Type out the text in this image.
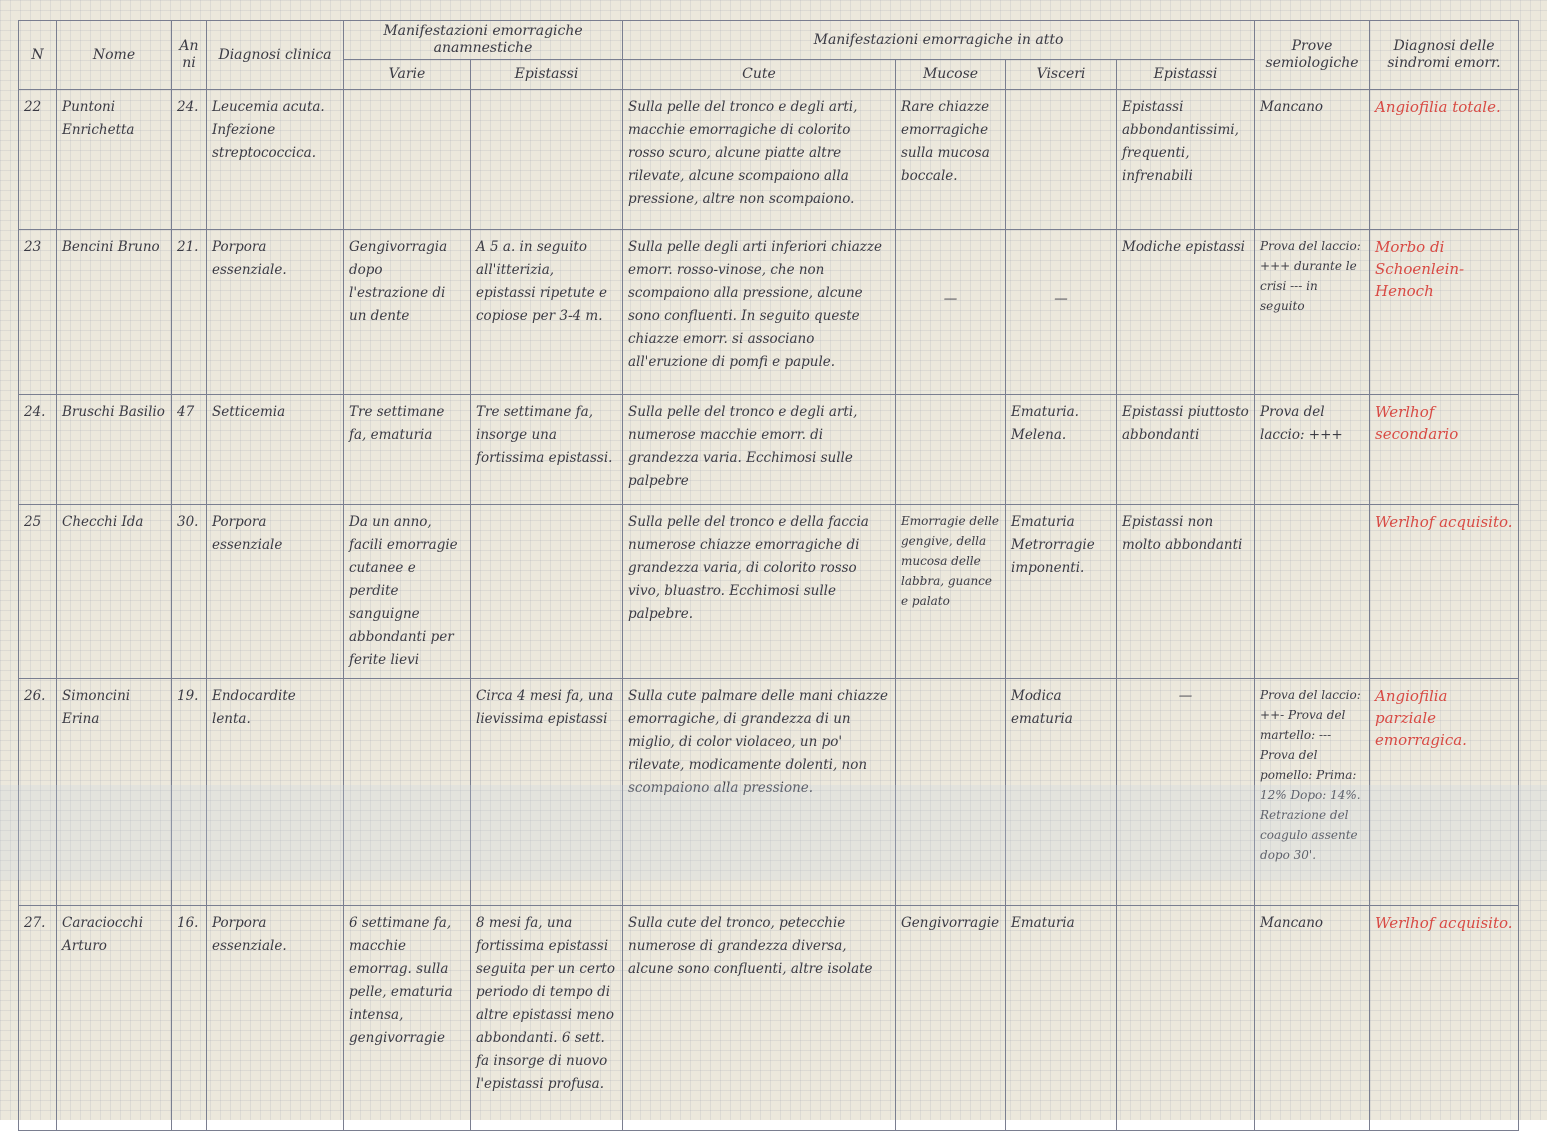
N	Nome	Anni	Diagnosi clinica	Manifestazioni emorragiche anamnestiche		Manifestazioni emorragiche in atto				Prove semiologiche	Diagnosi delle sindromi emorr.
				Varie	Epistassi	Cute	Mucose	Visceri	Epistassi		
22	Puntoni Enrichetta	24.	Leucemia acuta. Infezione streptococcica.			Sulla pelle del tronco e degli arti, macchie emorragiche di colorito rosso scuro, alcune piatte altre rilevate, alcune scompaiono alla pressione, altre non scompaiono.	Rare chiazze emorragiche sulla mucosa boccale.		Epistassi abbondantissimi, frequenti, infrenabili	Mancano	Angiofilia totale.
23	Bencini Bruno	21.	Porpora essenziale.	Gengivorragia dopo l'estrazione di un dente	A 5 a. in seguito all'itterizia, epistassi ripetute e copiose per 3-4 m.	Sulla pelle degli arti inferiori chiazze emorr. rosso-vinose, che non scompaiono alla pressione, alcune sono confluenti. In seguito queste chiazze emorr. si associano all'eruzione di pomfi e papule.	—	—	Modiche epistassi	Prova del laccio: +++ durante le crisi --- in seguito	Morbo di Schoenlein-Henoch
24.	Bruschi Basilio	47	Setticemia	Tre settimane fa, ematuria	Tre settimane fa, insorge una fortissima epistassi.	Sulla pelle del tronco e degli arti, numerose macchie emorr. di grandezza varia. Ecchimosi sulle palpebre		Ematuria. Melena.	Epistassi piuttosto abbondanti	Prova del laccio: +++	Werlhof secondario
25	Checchi Ida	30.	Porpora essenziale	Da un anno, facili emorragie cutanee e perdite sanguigne abbondanti per ferite lievi		Sulla pelle del tronco e della faccia numerose chiazze emorragiche di grandezza varia, di colorito rosso vivo, bluastro. Ecchimosi sulle palpebre.	Emorragie delle gengive, della mucosa delle labbra, guance e palato	Ematuria Metrorragie imponenti.	Epistassi non molto abbondanti		Werlhof acquisito.
26.	Simoncini Erina	19.	Endocardite lenta.		Circa 4 mesi fa, una lievissima epistassi	Sulla cute palmare delle mani chiazze emorragiche, di grandezza di un miglio, di color violaceo, un po' rilevate, modicamente dolenti, non scompaiono alla pressione.		Modica ematuria	—	Prova del laccio: ++- Prova del martello: --- Prova del pomello: Prima: 12% Dopo: 14%. Retrazione del coagulo assente dopo 30'.	Angiofilia parziale emorragica.
27.	Caraciocchi Arturo	16.	Porpora essenziale.	6 settimane fa, macchie emorrag. sulla pelle, ematuria intensa, gengivorragie	8 mesi fa, una fortissima epistassi seguita per un certo periodo di tempo di altre epistassi meno abbondanti. 6 sett. fa insorge di nuovo l'epistassi profusa.	Sulla cute del tronco, petecchie numerose di grandezza diversa, alcune sono confluenti, altre isolate	Gengivorragie	Ematuria		Mancano	Werlhof acquisito.
